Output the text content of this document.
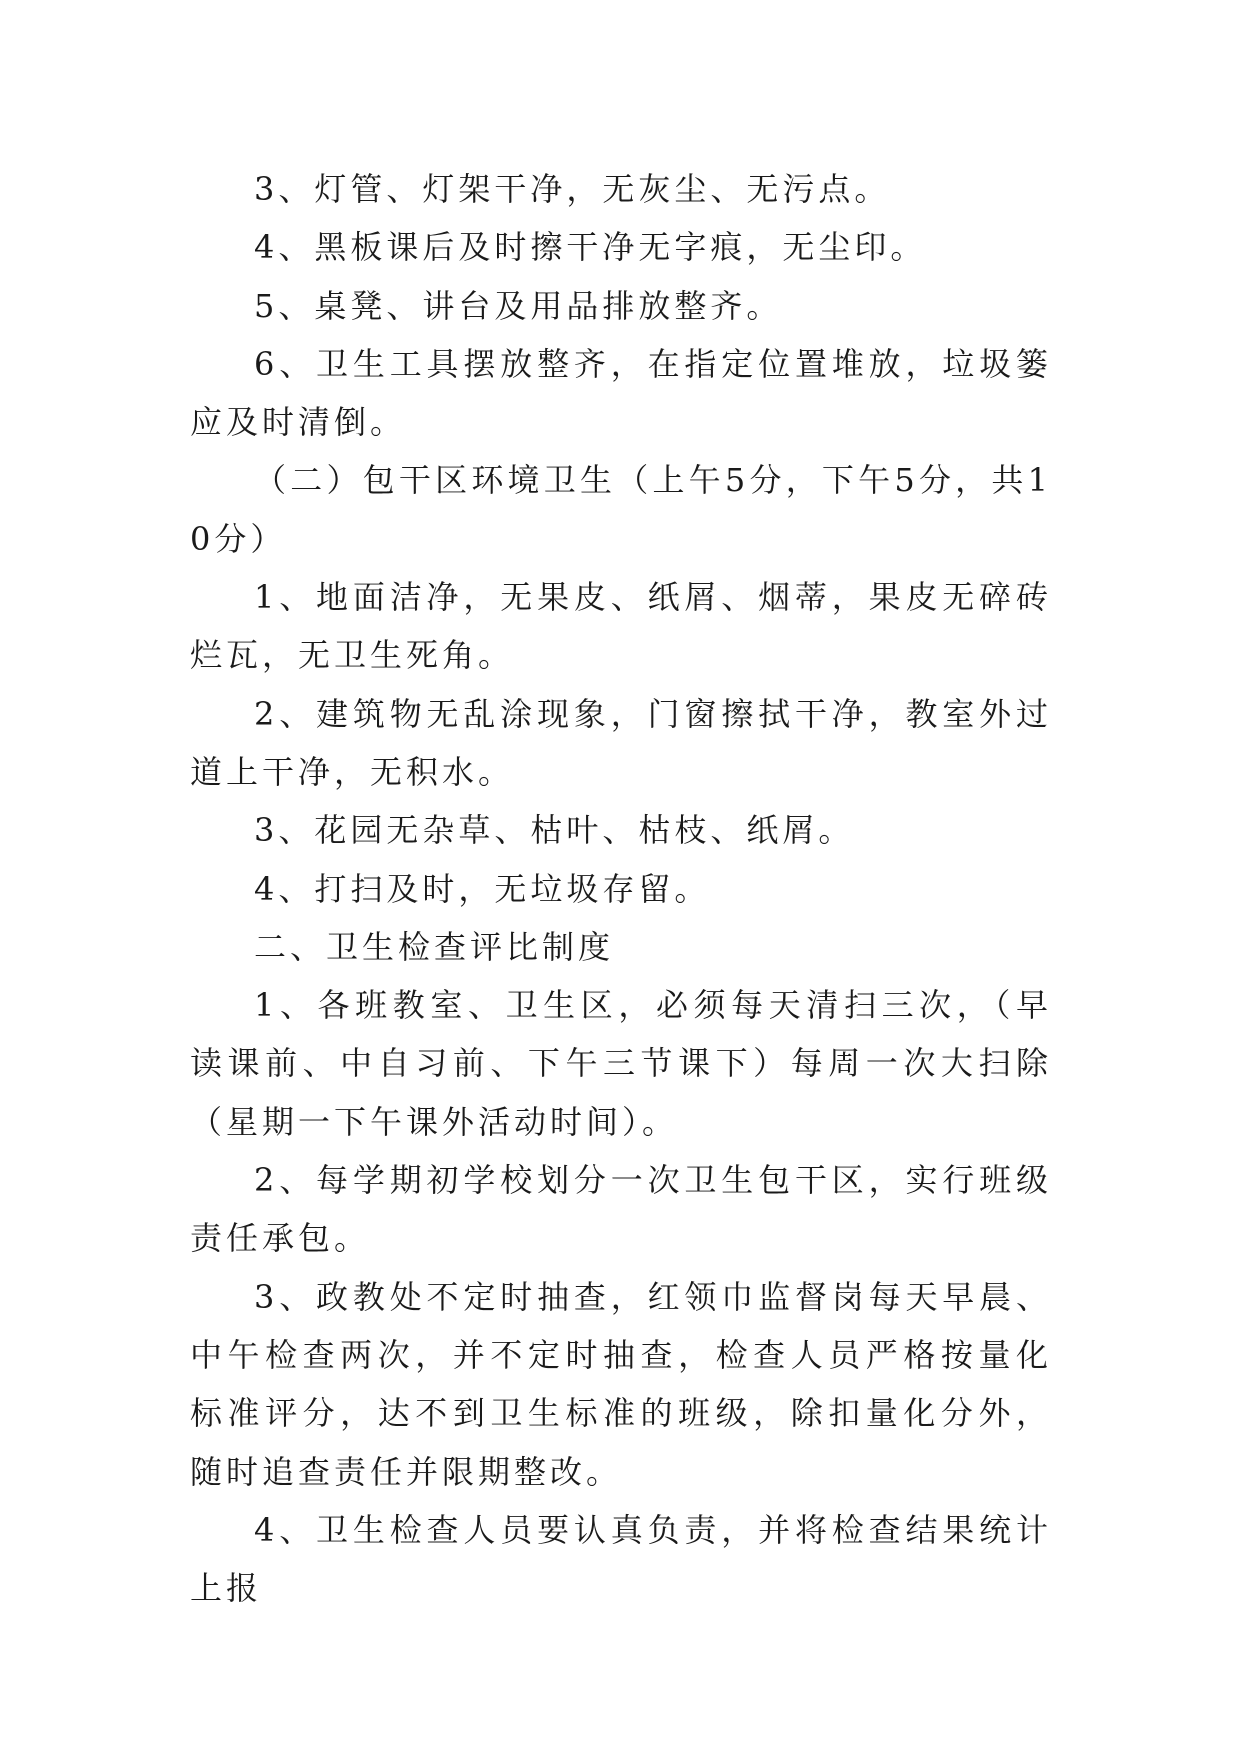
3、灯管、灯架干净，无灰尘、无污点。

4、黑板课后及时擦干净无字痕，无尘印。

5、桌凳、讲台及用品排放整齐。

6、卫生工具摆放整齐，在指定位置堆放，垃圾篓应及时清倒。

（二）包干区环境卫生（上午5分，下午5分，共10分）

1、地面洁净，无果皮、纸屑、烟蒂，果皮无碎砖烂瓦，无卫生死角。

2、建筑物无乱涂现象，门窗擦拭干净，教室外过道上干净，无积水。

3、花园无杂草、枯叶、枯枝、纸屑。

4、打扫及时，无垃圾存留。

二、卫生检查评比制度

1、各班教室、卫生区，必须每天清扫三次，（早读课前、中自习前、下午三节课下）每周一次大扫除（星期一下午课外活动时间）。

2、每学期初学校划分一次卫生包干区，实行班级责任承包。

3、政教处不定时抽查，红领巾监督岗每天早晨、中午检查两次，并不定时抽查，检查人员严格按量化标准评分，达不到卫生标准的班级，除扣量化分外，随时追查责任并限期整改。

4、卫生检查人员要认真负责，并将检查结果统计上报
